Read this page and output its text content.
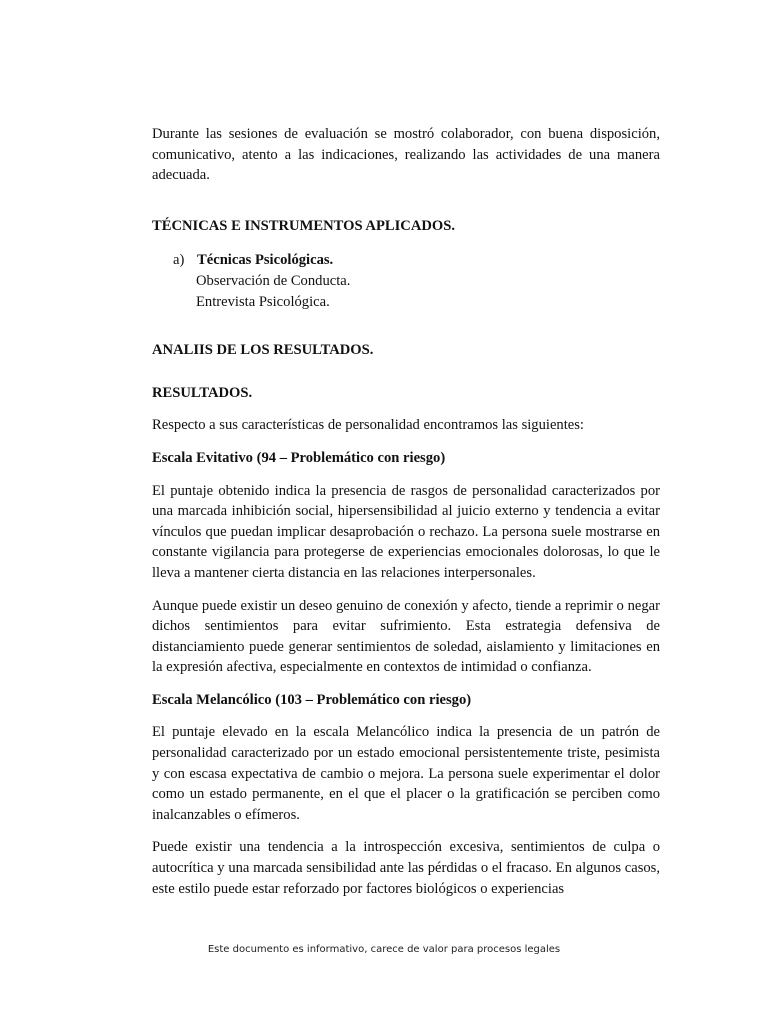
Durante las sesiones de evaluación se mostró colaborador, con buena disposición, comunicativo, atento a las indicaciones, realizando las actividades de una manera adecuada.

TÉCNICAS E INSTRUMENTOS APLICADOS.

a) Técnicas Psicológicas.
Observación de Conducta.
Entrevista Psicológica.

ANALIIS DE LOS RESULTADOS.

RESULTADOS.

Respecto a sus características de personalidad encontramos las siguientes:

Escala Evitativo (94 – Problemático con riesgo)

El puntaje obtenido indica la presencia de rasgos de personalidad caracterizados por una marcada inhibición social, hipersensibilidad al juicio externo y tendencia a evitar vínculos que puedan implicar desaprobación o rechazo. La persona suele mostrarse en constante vigilancia para protegerse de experiencias emocionales dolorosas, lo que le lleva a mantener cierta distancia en las relaciones interpersonales.

Aunque puede existir un deseo genuino de conexión y afecto, tiende a reprimir o negar dichos sentimientos para evitar sufrimiento. Esta estrategia defensiva de distanciamiento puede generar sentimientos de soledad, aislamiento y limitaciones en la expresión afectiva, especialmente en contextos de intimidad o confianza.

Escala Melancólico (103 – Problemático con riesgo)

El puntaje elevado en la escala Melancólico indica la presencia de un patrón de personalidad caracterizado por un estado emocional persistentemente triste, pesimista y con escasa expectativa de cambio o mejora. La persona suele experimentar el dolor como un estado permanente, en el que el placer o la gratificación se perciben como inalcanzables o efímeros.

Puede existir una tendencia a la introspección excesiva, sentimientos de culpa o autocrítica y una marcada sensibilidad ante las pérdidas o el fracaso. En algunos casos, este estilo puede estar reforzado por factores biológicos o experiencias

Este documento es informativo, carece de valor para procesos legales
